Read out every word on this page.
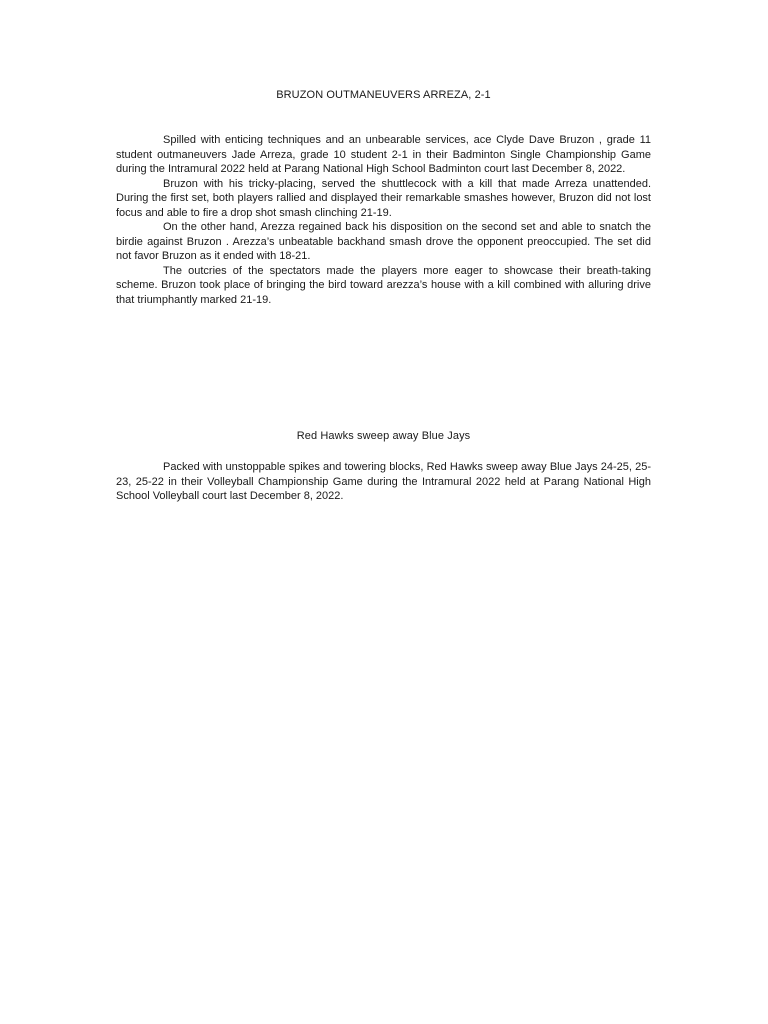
BRUZON OUTMANEUVERS ARREZA, 2-1

Spilled with enticing techniques and an unbearable services, ace Clyde Dave Bruzon , grade 11 student outmaneuvers Jade Arreza, grade 10 student 2-1 in their Badminton Single Championship Game during the Intramural 2022 held at Parang National High School Badminton court last December 8, 2022.

Bruzon with his tricky-placing, served the shuttlecock with a kill that made Arreza unattended. During the first set, both players rallied and displayed their remarkable smashes however, Bruzon did not lost focus and able to fire a drop shot smash clinching 21-19.

On the other hand, Arezza regained back his disposition on the second set and able to snatch the birdie against Bruzon . Arezza’s unbeatable backhand smash drove the opponent preoccupied. The set did not favor Bruzon as it ended with 18-21.

The outcries of the spectators made the players more eager to showcase their breath-taking scheme. Bruzon took place of bringing the bird toward arezza’s house with a kill combined with alluring drive that triumphantly marked 21-19.

Red Hawks sweep away Blue Jays

Packed with unstoppable spikes and towering blocks, Red Hawks sweep away Blue Jays 24-25, 25-23, 25-22 in their Volleyball Championship Game during the Intramural 2022 held at Parang National High School Volleyball court last December 8, 2022.
